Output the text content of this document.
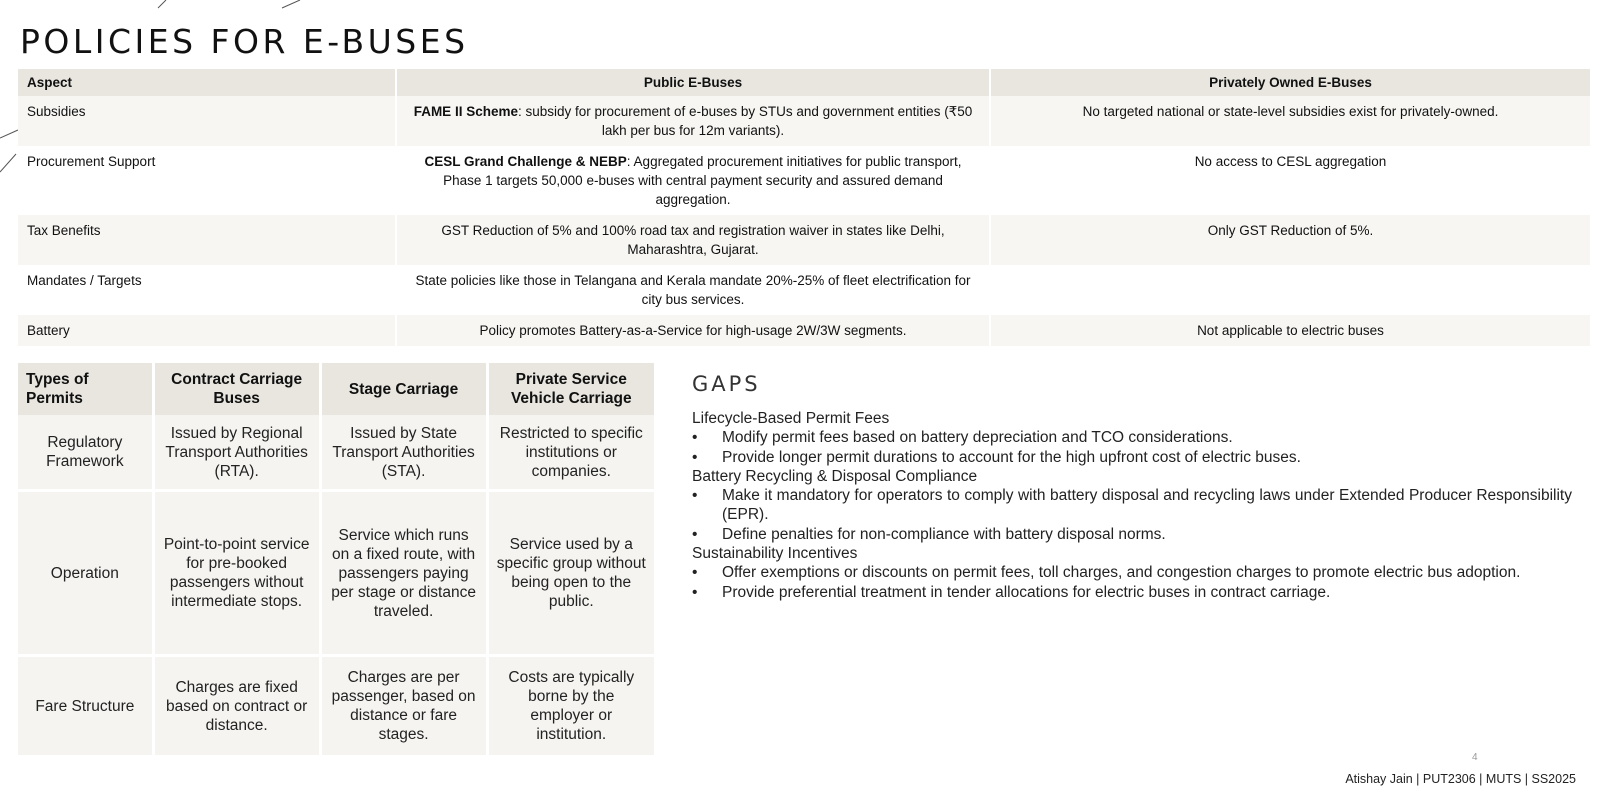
POLICIES FOR E-BUSES
Aspect	Public E-Buses	Privately Owned E-Buses
Subsidies	FAME II Scheme: subsidy for procurement of e-buses by STUs and government entities (₹50 lakh per bus for 12m variants).	No targeted national or state-level subsidies exist for privately-owned.
Procurement Support	CESL Grand Challenge & NEBP: Aggregated procurement initiatives for public transport, Phase 1 targets 50,000 e-buses with central payment security and assured demand aggregation.	No access to CESL aggregation
Tax Benefits	GST Reduction of 5% and 100% road tax and registration waiver in states like Delhi, Maharashtra, Gujarat.	Only GST Reduction of 5%.
Mandates / Targets	State policies like those in Telangana and Kerala mandate 20%-25% of fleet electrification for city bus services.	
Battery	Policy promotes Battery-as-a-Service for high-usage 2W/3W segments.	Not applicable to electric buses
Types of Permits	Contract Carriage Buses	Stage Carriage	Private Service Vehicle Carriage
Regulatory Framework	Issued by Regional Transport Authorities (RTA).	Issued by State Transport Authorities (STA).	Restricted to specific institutions or companies.
Operation	Point-to-point service for pre-booked passengers without intermediate stops.	Service which runs on a fixed route, with passengers paying per stage or distance traveled.	Service used by a specific group without being open to the public.
Fare Structure	Charges are fixed based on contract or distance.	Charges are per passenger, based on distance or fare stages.	Costs are typically borne by the employer or institution.
GAPS

Lifecycle-Based Permit Fees

• Modify permit fees based on battery depreciation and TCO considerations.
• Provide longer permit durations to account for the high upfront cost of electric buses.

Battery Recycling & Disposal Compliance

• Make it mandatory for operators to comply with battery disposal and recycling laws under Extended Producer Responsibility (EPR).
• Define penalties for non-compliance with battery disposal norms.

Sustainability Incentives

• Offer exemptions or discounts on permit fees, toll charges, and congestion charges to promote electric bus adoption.
• Provide preferential treatment in tender allocations for electric buses in contract carriage.
4
Atishay Jain | PUT2306 | MUTS | SS2025
